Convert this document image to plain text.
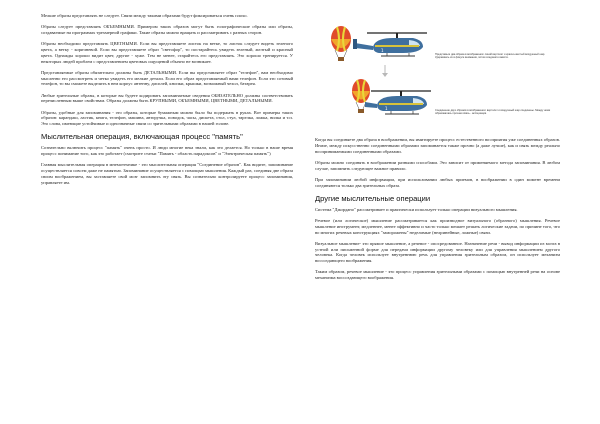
Мелкие образы представлять не следует. Связи между такими образами будут фиксироваться очень плохо.

Образы следует представлять ОБЪЕМНЫМИ. Примером таких образов могут быть голографические образы или образы, создаваемые на программах трехмерной графики. Такие образы можно вращать и рассматривать с разных сторон.

Образы необходимо представлять ЦВЕТНЫМИ. Если вы представляете листок на ветке, то листок следует видеть зеленого цвета, а ветку - коричневой. Если вы представляете образ "светофор", то постарайтесь увидеть зеленый, желтый и красный цвета. Однажды хорошо видит цвет, другие - хуже. Тем не менее, старайтесь его представлять. Это хорошо тренируется. У некоторых людей проблем с представлением цветовых ощущений обычно не возникает.

Представляемые образы обязательно должны быть ДЕТАЛЬНЫМИ. Если вы представляете образ "телефон", вам необходимо мысленно его рассмотреть и четко увидеть его мелкие детали. Если его образ представляемый вами телефон. Если это сотовый телефон, то вы сможете выделить в нем корпус антенну, дисплей, кнопки, крышки, возможный чехол, батарея.

Любые зрительные образы, в которые вы будете кодировать запоминаемые сведения ОБЯЗАТЕЛЬНО должны соответствовать перечисленным выше свойствам. Образы должны быть КРУПНЫМИ, ОБЪЕМНЫМИ, ЦВЕТНЫМИ, ДЕТАЛЬНЫМИ.

Образы, удобные для запоминания - это образы, которые бумажным можно было бы подержать в руках. Вот примеры таких образов: карандаш, ластик, книга, телефон, машина, авторучка, поводок, часы, дискета, стол, стул, тарелка, ложка, вилка и т.п. Это слова, имеющие устойчивые и однозначные связи со зрительными образами в нашей голове.

Мыслительная операция, включающая процесс "память"

Сознательно включить процесс "память" очень просто. И люди многие века знали, как это делается. Но только в наше время процесс понимание того, как это работает (смотрите статьи "Память - область парадоксов" и "Электрическая память")

Главная мыслительная операция в мнемотехнике - это мыслительная операция "Соединение образов". Как видите, запоминание осуществляется совсем даже не памятью. Запоминание осуществляется с помощью мышления. Каждый раз, соединяя две образа своим воображением, вы заставляете свой мозг запомнить эту связь. Вы сознательно контролируете процесс запоминания, управляете им.

1
1
Представьте два образа в воображении: синий вертолет и красно-желтый воздушный шар. Удерживать их в фокусе внимания, потом соедините вместе.
Соединение двух образов в воображении: вертолет и воздушный шар соединены. Между ними образовалась прочная связь - ассоциация.

Когда вы соединяете два образа в воображении, вы имитируете процесс естественного восприятия уже соединенных образов. Иначе, между искусственно соединенными образами запоминается также прочно (а даже лучше), как и связь между реально воспринимаемыми соединенными образами.

Образы можно соединять в воображении разными способами. Это зависит от применяемого метода запоминания. В любом случае, запомнить следующее важное правило.

При запоминании любой информации, при использовании любых приемов, в воображении в один момент времени соединяются только два зрительных образа.

Другие мыслительные операции

Система "Джордано" рассматривает и практически использует только операции визуального мышления.

Речевое (или логическое) мышление рассматривается как производное визуального (образного) мышления. Речевое мышление инструмент, медленнее, менее эффективно и часто только мешает решать логические задачи, по причине того, что во многих речевых конструкциях "заморожены" неделимые (нелринейные, ложные) связи.

Визуальное мышление- это прямое мышление, а речевое - опосредованное. Назначение речи - вывод информации из мозга в устной или письменной форме для передачи информации другому человеку или для управления мышлением другого человека. Когда человек использует внутреннюю речь для управления зрительным образом, он использует механизм воссоздающего воображения.

Таким образом, речевое мышление - это процесс управления зрительными образами с помощью внутренней речи на основе механизма воссоздающего воображения.
